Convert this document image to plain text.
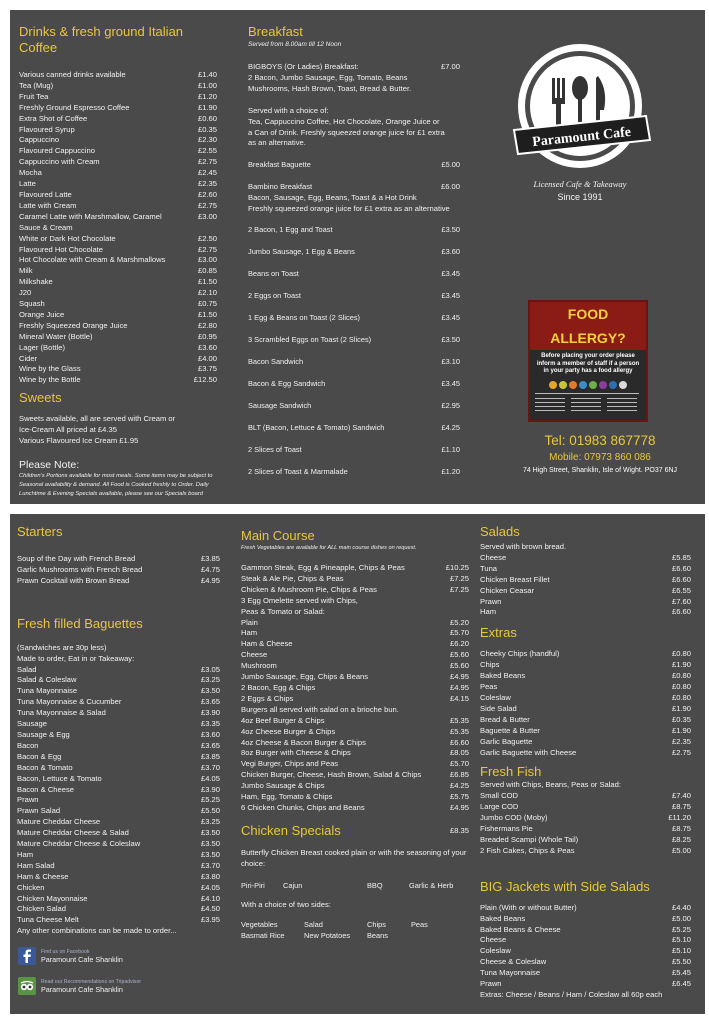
Drinks & fresh ground Italian Coffee
Various canned drinks available	£1.40
Tea (Mug)	£1.00
Fruit Tea	£1.20
Freshly Ground Espresso Coffee	£1.90
Extra Shot of Coffee	£0.60
Flavoured Syrup	£0.35
Cappuccino	£2.30
Flavoured Cappuccino	£2.55
Cappuccino with Cream	£2.75
Mocha	£2.45
Latte	£2.35
Flavoured Latte	£2.60
Latte with Cream	£2.75
Caramel Latte with Marshmallow, Caramel	£3.00
Sauce & Cream
White or Dark Hot Chocolate	£2.50
Flavoured Hot Chocolate	£2.75
Hot Chocolate with Cream & Marshmallows	£3.00
Milk	£0.85
Milkshake	£1.50
J20	£2.10
Squash	£0.75
Orange Juice	£1.50
Freshly Squeezed Orange Juice	£2.80
Mineral Water (Bottle)	£0.95
Lager (Bottle)	£3.60
Cider	£4.00
Wine by the Glass	£3.75
Wine by the Bottle	£12.50
Sweets
Sweets available, all are served with Cream or
Ice-Cream All priced at £4.35
Various Flavoured Ice Cream £1.95
Please Note:
Children's Portions available for most meals. Some items may be subject to Seasonal availability & demand. All Food is Cooked freshly to Order. Daily Lunchtime & Evening Specials available, please see our Specials board
Breakfast
Served from 8.00am till 12 Noon
BIGBOYS (Or Ladies) Breakfast:	£7.00
2 Bacon, Jumbo Sausage, Egg, Tomato, Beans
Mushrooms, Hash Brown, Toast, Bread & Butter.
Served with a choice of:
Tea, Cappuccino Coffee, Hot Chocolate, Orange Juice or
a Can of Drink. Freshly squeezed orange juice for £1 extra
as an alternative.
Breakfast Baguette	£5.00
Bambino Breakfast	£6.00
Bacon, Sausage, Egg, Beans, Toast & a Hot Drink
Freshly squeezed orange juice for £1 extra as an alternative
2 Bacon, 1 Egg and Toast	£3.50
Jumbo Sausage, 1 Egg & Beans	£3.60
Beans on Toast	£3.45
2 Eggs on Toast	£3.45
1 Egg & Beans on Toast (2 Slices)	£3.45
3 Scrambled Eggs on Toast (2 Slices)	£3.50
Bacon Sandwich	£3.10
Bacon & Egg Sandwich	£3.45
Sausage Sandwich	£2.95
BLT (Bacon, Lettuce & Tomato) Sandwich	£4.25
2 Slices of Toast	£1.10
2 Slices of Toast & Marmalade	£1.20
Paramount Cafe
Licensed Cafe & Takeaway
Since 1991
FOOD ALLERGY?
Before placing your order please inform a member of staff if a person in your party has a food allergy
Tel: 01983 867778
Mobile: 07973 860 086
74 High Street, Shanklin, Isle of Wight. PO37 6NJ
Starters
Soup of the Day with French Bread	£3.85
Garlic Mushrooms with French Bread	£4.75
Prawn Cocktail with Brown Bread	£4.95
Fresh filled Baguettes
(Sandwiches are 30p less)
Made to order, Eat in or Takeaway:
Salad	£3.05
Salad & Coleslaw	£3.25
Tuna Mayonnaise	£3.50
Tuna Mayonnaise & Cucumber	£3.65
Tuna Mayonnaise & Salad	£3.90
Sausage	£3.35
Sausage & Egg	£3.60
Bacon	£3.65
Bacon & Egg	£3.85
Bacon & Tomato	£3.70
Bacon, Lettuce & Tomato	£4.05
Bacon & Cheese	£3.90
Prawn	£5.25
Prawn Salad	£5.50
Mature Cheddar Cheese	£3.25
Mature Cheddar Cheese & Salad	£3.50
Mature Cheddar Cheese & Coleslaw	£3.50
Ham	£3.50
Ham Salad	£3.70
Ham & Cheese	£3.80
Chicken	£4.05
Chicken Mayonnaise	£4.10
Chicken Salad	£4.50
Tuna Cheese Melt	£3.95
Any other combinations can be made to order...
Find us on Facebook
Paramount Cafe Shanklin
Read our Recommendations on Tripadvisor
Paramount Cafe Shanklin
Main Course
Fresh Vegetables are available for ALL main course dishes on request.
Gammon Steak, Egg & Pineapple, Chips & Peas	£10.25
Steak & Ale Pie, Chips & Peas	£7.25
Chicken & Mushroom Pie, Chips & Peas	£7.25
3 Egg Omelette served with Chips,
Peas & Tomato or Salad:
Plain	£5.20
Ham	£5.70
Ham & Cheese	£6.20
Cheese	£5.60
Mushroom	£5.60
Jumbo Sausage, Egg, Chips & Beans	£4.95
2 Bacon, Egg & Chips	£4.95
2 Eggs & Chips	£4.15
Burgers all served with salad on a brioche bun.
4oz Beef Burger & Chips	£5.35
4oz Cheese Burger & Chips	£5.35
4oz Cheese & Bacon Burger & Chips	£6.60
8oz Burger with Cheese & Chips	£8.05
Vegi Burger, Chips and Peas	£5.70
Chicken Burger, Cheese, Hash Brown, Salad & Chips	£6.85
Jumbo Sausage & Chips	£4.25
Ham, Egg, Tomato & Chips	£5.75
6 Chicken Chunks, Chips and Beans	£4.95
Chicken Specials	£8.35
Butterfly Chicken Breast cooked plain or with the seasoning of your choice:
Piri-Piri	Cajun	BBQ	Garlic & Herb
With a choice of two sides:
Vegetables	Salad	Chips	Peas
Basmati Rice	New Potatoes	Beans
Salads
Served with brown bread.
Cheese	£5.85
Tuna	£6.60
Chicken Breast Fillet	£6.60
Chicken Ceasar	£6.55
Prawn	£7.60
Ham	£6.60
Extras
Cheeky Chips (handful)	£0.80
Chips	£1.90
Baked Beans	£0.80
Peas	£0.80
Coleslaw	£0.80
Side Salad	£1.90
Bread & Butter	£0.35
Baguette & Butter	£1.90
Garlic Baguette	£2.35
Garlic Baguette with Cheese	£2.75
Fresh Fish
Served with Chips, Beans, Peas or Salad:
Small COD	£7.40
Large COD	£8.75
Jumbo COD (Moby)	£11.20
Fishermans Pie	£8.75
Breaded Scampi (Whole Tail)	£8.25
2 Fish Cakes, Chips & Peas	£5.00
BIG Jackets with Side Salads
Plain (With or without Butter)	£4.40
Baked Beans	£5.00
Baked Beans & Cheese	£5.25
Cheese	£5.10
Coleslaw	£5.10
Cheese & Coleslaw	£5.50
Tuna Mayonnaise	£5.45
Prawn	£6.45
Extras: Cheese / Beans / Ham / Coleslaw all 60p each
